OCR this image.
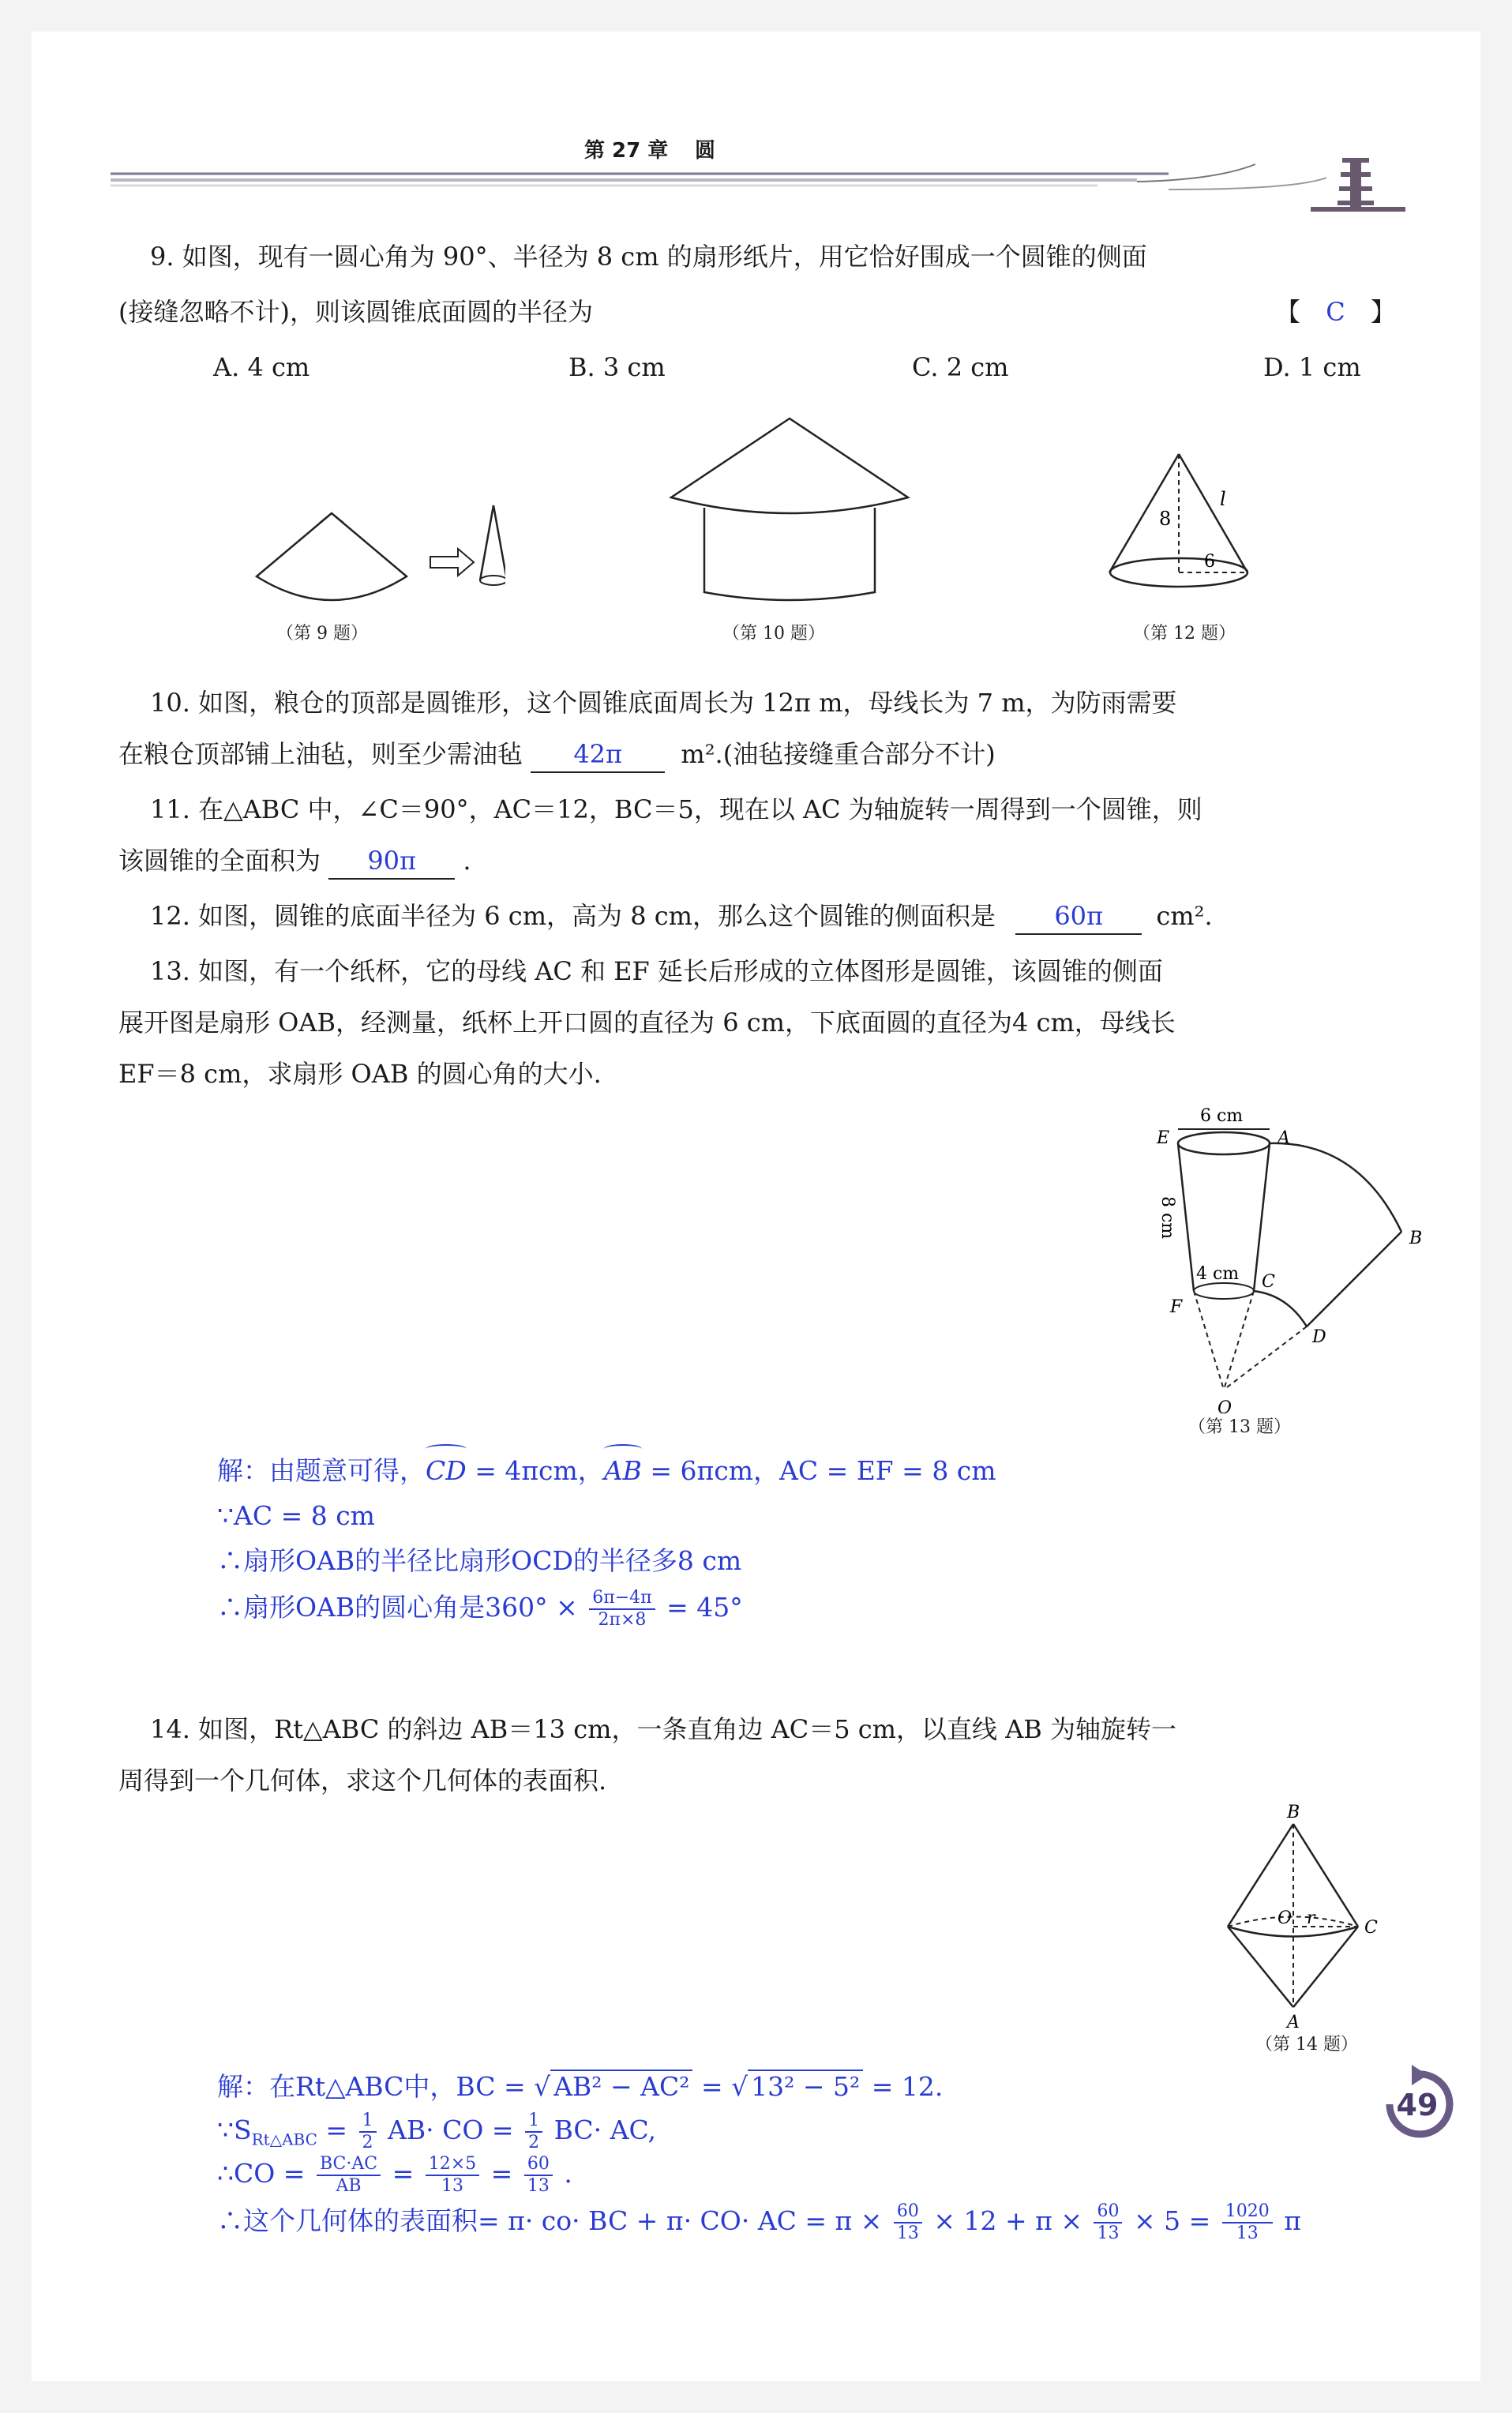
第 27 章 圆
9. 如图，现有一圆心角为 90°、半径为 8 cm 的扇形纸片，用它恰好围成一个圆锥的侧面
(接缝忽略不计)，则该圆锥底面圆的半径为	【 C 】
A. 4 cm	B. 3 cm	C. 2 cm	D. 1 cm
（第 9 题）	（第 10 题）
8
6
l
（第 12 题）
10. 如图，粮仓的顶部是圆锥形，这个圆锥底面周长为 12π m，母线长为 7 m，为防雨需要
在粮仓顶部铺上油毡，则至少需油毡 42π m².(油毡接缝重合部分不计)
11. 在△ABC 中，∠C＝90°，AC＝12，BC＝5，现在以 AC 为轴旋转一周得到一个圆锥，则
该圆锥的全面积为 90π .
12. 如图，圆锥的底面半径为 6 cm，高为 8 cm，那么这个圆锥的侧面积是 60π cm².
13. 如图，有一个纸杯，它的母线 AC 和 EF 延长后形成的立体图形是圆锥，该圆锥的侧面
展开图是扇形 OAB，经测量，纸杯上开口圆的直径为 6 cm，下底面圆的直径为4 cm，母线长
EF＝8 cm，求扇形 OAB 的圆心角的大小.
6 cm
E	A
4 cm
8 cm
C
F
B
D
O
（第 13 题）
解：由题意可得，CD = 4πcm，AB = 6πcm，AC = EF = 8 cm
∵AC = 8 cm
∴扇形OAB的半径比扇形OCD的半径多8 cm
∴扇形OAB的圆心角是$360^\circ \times \frac{6\pi-4\pi}{2\pi\times 8} = 45^\circ$
14. 如图，Rt△ABC 的斜边 AB＝13 cm，一条直角边 AC＝5 cm，以直线 AB 为轴旋转一
周得到一个几何体，求这个几何体的表面积.
B
O r	C
A
（第 14 题）
49
解：在Rt△ABC中，BC = √ AB² − AC² = √ 13² − 5² = 12.
$\because S_{Rt\triangle ABC} = \frac{1}{2} AB\cdot$ CO = $\frac{1}{2} BC\cdot$ AC,
∴CO = $\frac{BC\cdot AC}{AB} = \frac{12\times 5}{13} = \frac{60}{13}$ .
∴这个几何体的表面积= π· co· BC + π· CO· AC = $\pi \times \frac{60}{13} \times 12 + \pi \times \frac{60}{13} \times 5 = \frac{1020}{13}$ π
